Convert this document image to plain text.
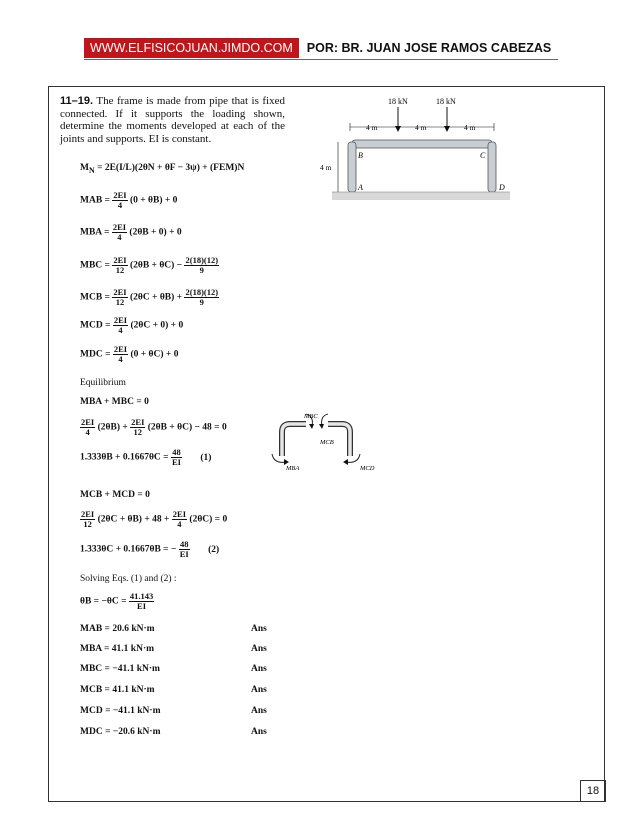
WWW.ELFISICOJUAN.JIMDO.COM	POR: BR. JUAN JOSE RAMOS CABEZAS
11–19. The frame is made from pipe that is fixed connected. If it supports the loading shown, determine the moments developed at each of the joints and supports. EI is constant.
18 kN	18 kN
4 m	4 m	4 m
4 m
B	C
A	D
$M_N = 2E(I/L)(2\theta N + \theta F - 3\psi) + (FEM)N$
MAB = $\frac{2EI}{4} (0 + \theta B) + 0$
MBA = $\frac{2EI}{4} (2\theta B + 0) + 0$
MBC = $\frac{2EI}{12} (2\theta B + \theta C) - \frac{2(18)(12)}{9}$
MCB = $\frac{2EI}{12} (2\theta C + \theta B) + \frac{2(18)(12)}{9}$
MCD = $\frac{2EI}{4} (2\theta C + 0) + 0$
MDC = $\frac{2EI}{4} (0 + \theta C) + 0$
Equilibrium
MBA + MBC = 0
$\frac{2EI}{4} (2\theta B) + \frac{2EI}{12} (2\theta B + \theta C) - 48 = 0$
$1.333\theta B + 0.1667\theta C = \frac{48}{EI} (1)$
MCB + MCD = 0
$\frac{2EI}{12} (2\theta C + \theta B) + 48 + \frac{2EI}{4} (2\theta C) = 0$
1.333θC + 0.1667θB = − $\frac{48}{EI} (2)$
Solving Eqs. (1) and (2) :
$\theta B = -\theta C = \frac{41.143}{EI}$
MAB = 20.6 kN·m	Ans
MBA = 41.1 kN·m	Ans
MBC = −41.1 kN·m	Ans
MCB = 41.1 kN·m	Ans
MCD = −41.1 kN·m	Ans
MDC = −20.6 kN·m	Ans
MBC
MCB
MBA	MCD
18
